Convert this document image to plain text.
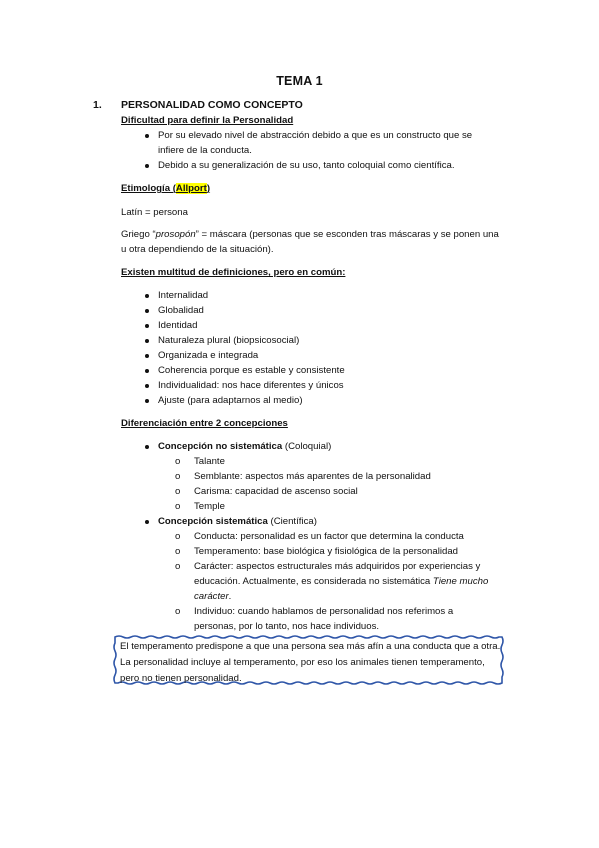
TEMA 1
1. PERSONALIDAD COMO CONCEPTO
Dificultad para definir la Personalidad
Por su elevado nivel de abstracción debido a que es un constructo que se
infiere de la conducta.
Debido a su generalización de su uso, tanto coloquial como científica.
Etimología (Allport)
Latín = persona
Griego “prosopón” = máscara (personas que se esconden tras máscaras y se ponen una
u otra dependiendo de la situación).
Existen multitud de definiciones, pero en común:
Internalidad
Globalidad
Identidad
Naturaleza plural (biopsicosocial)
Organizada e integrada
Coherencia porque es estable y consistente
Individualidad: nos hace diferentes y únicos
Ajuste (para adaptarnos al medio)
Diferenciación entre 2 concepciones
Concepción no sistemática (Coloquial)
o Talante
o Semblante: aspectos más aparentes de la personalidad
o Carisma: capacidad de ascenso social
o Temple
Concepción sistemática (Científica)
o Conducta: personalidad es un factor que determina la conducta
o Temperamento: base biológica y fisiológica de la personalidad
o Carácter: aspectos estructurales más adquiridos por experiencias y
educación. Actualmente, es considerada no sistemática Tiene mucho
carácter.
o Individuo: cuando hablamos de personalidad nos referimos a
personas, por lo tanto, nos hace individuos.
El temperamento predispone a que una persona sea más afín a una conducta que a otra. La personalidad incluye al temperamento, por eso los animales tienen temperamento, pero no tienen personalidad.
